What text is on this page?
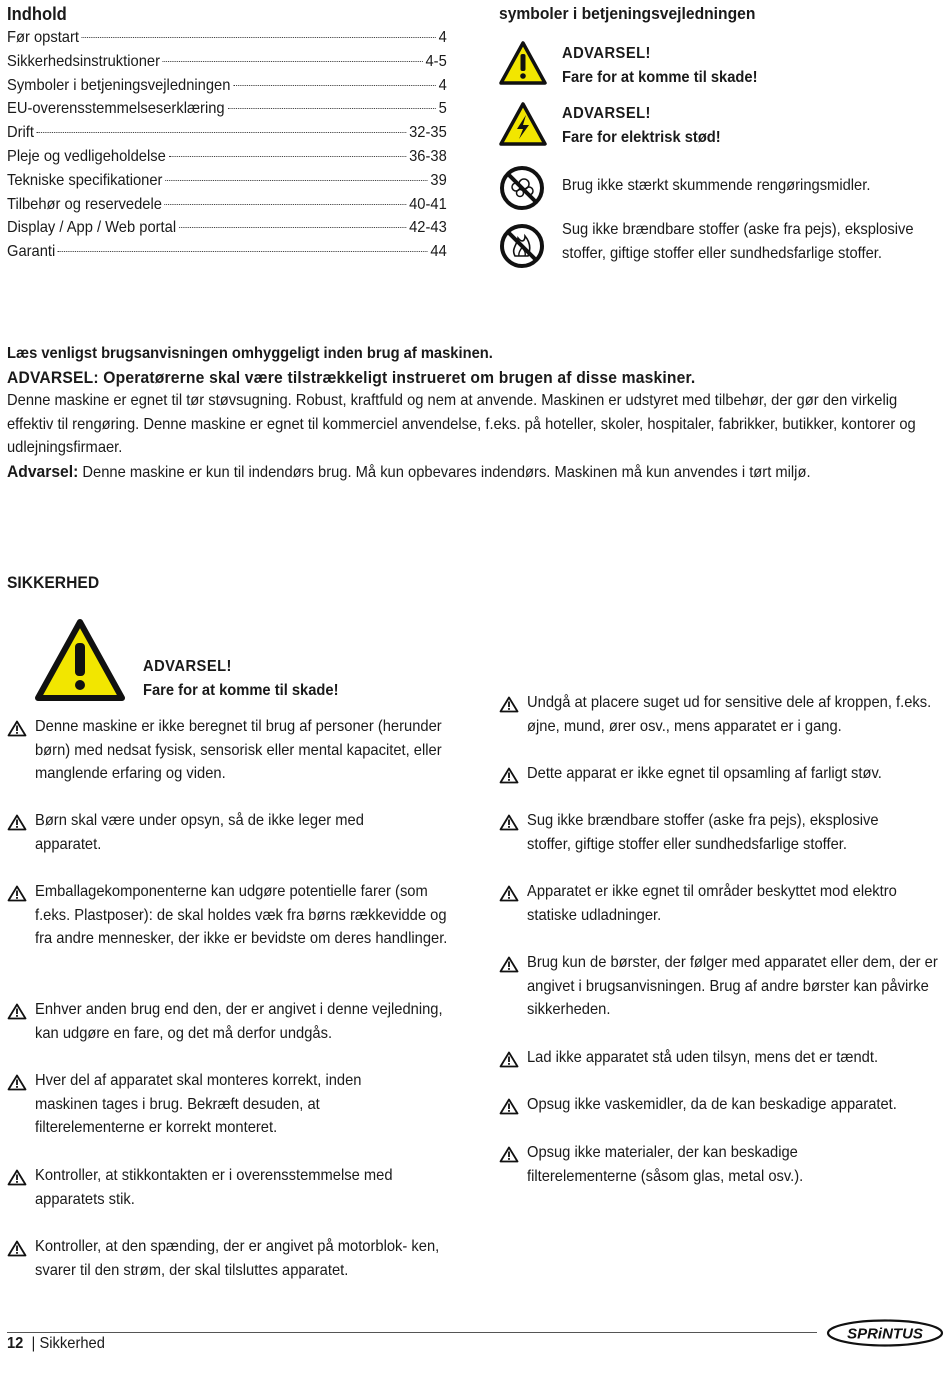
Indhold
Før opstart	4
Sikkerhedsinstruktioner	4-5
Symboler i betjeningsvejledningen	4
EU-overensstemmelseserklæring	5
Drift	32-35
Pleje og vedligeholdelse	36-38
Tekniske specifikationer	39
Tilbehør og reservedele	40-41
Display / App / Web portal	42-43
Garanti	44
symboler i betjeningsvejledningen
ADVARSEL!
Fare for at komme til skade!
ADVARSEL!
Fare for elektrisk stød!
Brug ikke stærkt skummende rengøringsmidler.
Sug ikke brændbare stoffer (aske fra pejs), eksplosive stoffer, giftige stoffer eller sundhedsfarlige stoffer.
Læs venligst brugsanvisningen omhyggeligt inden brug af maskinen.
ADVARSEL: Operatørerne skal være tilstrækkeligt instrueret om brugen af disse maskiner.
Denne maskine er egnet til tør støvsugning. Robust, kraftfuld og nem at anvende. Maskinen er udstyret med tilbehør, der gør den virkelig effektiv til rengøring. Denne maskine er egnet til kommerciel anvendelse, f.eks. på hoteller, skoler, hospitaler, fabrikker, butikker, kontorer og udlejningsfirmaer.
Advarsel: Denne maskine er kun til indendørs brug. Må kun opbevares indendørs. Maskinen må kun anvendes i tørt miljø.
SIKKERHED
ADVARSEL!
Fare for at komme til skade!
Denne maskine er ikke beregnet til brug af personer (herunder børn) med nedsat fysisk, sensorisk eller mental kapacitet, eller manglende erfaring og viden.
Børn skal være under opsyn, så de ikke leger med apparatet.
Emballagekomponenterne kan udgøre potentielle farer (som f.eks. Plastposer): de skal holdes væk fra børns rækkevidde og fra andre mennesker, der ikke er bevidste om deres handlinger.
Enhver anden brug end den, der er angivet i denne vejledning, kan udgøre en fare, og det må derfor undgås.
Hver del af apparatet skal monteres korrekt, inden maskinen tages i brug. Bekræft desuden, at filterelementerne er korrekt monteret.
Kontroller, at stikkontakten er i overensstemmelse med apparatets stik.
Kontroller, at den spænding, der er angivet på motorblok- ken, svarer til den strøm, der skal tilsluttes apparatet.
Undgå at placere suget ud for sensitive dele af kroppen, f.eks. øjne, mund, ører osv., mens apparatet er i gang.
Dette apparat er ikke egnet til opsamling af farligt støv.
Sug ikke brændbare stoffer (aske fra pejs), eksplosive stoffer, giftige stoffer eller sundhedsfarlige stoffer.
Apparatet er ikke egnet til områder beskyttet mod elektro statiske udladninger.
Brug kun de børster, der følger med apparatet eller dem, der er angivet i brugsanvisningen. Brug af andre børster kan påvirke sikkerheden.
Lad ikke apparatet stå uden tilsyn, mens det er tændt.
Opsug ikke vaskemidler, da de kan beskadige apparatet.
Opsug ikke materialer, der kan beskadige filterelementerne (såsom glas, metal osv.).
12  | Sikkerhed
SPRiNTUS
